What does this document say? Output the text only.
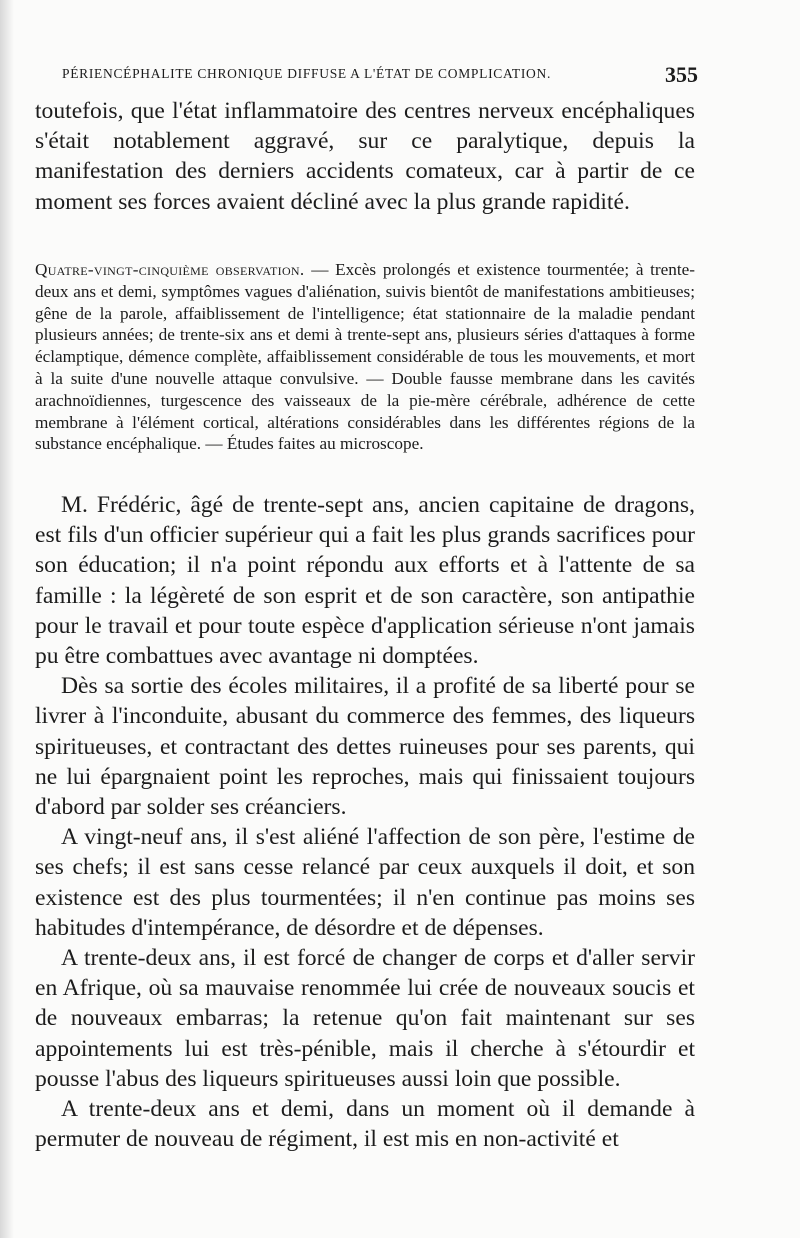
PÉRIENCÉPHALITE CHRONIQUE DIFFUSE A L'ÉTAT DE COMPLICATION.	355

toutefois, que l'état inflammatoire des centres nerveux encéphaliques s'était notablement aggravé, sur ce paralytique, depuis la manifestation des derniers accidents comateux, car à partir de ce moment ses forces avaient décliné avec la plus grande rapidité.

Quatre-vingt-cinquième observation. — Excès prolongés et existence tourmentée; à trente-deux ans et demi, symptômes vagues d'aliénation, suivis bientôt de manifestations ambitieuses; gêne de la parole, affaiblissement de l'intelligence; état stationnaire de la maladie pendant plusieurs années; de trente-six ans et demi à trente-sept ans, plusieurs séries d'attaques à forme éclamptique, démence complète, affaiblissement considérable de tous les mouvements, et mort à la suite d'une nouvelle attaque convulsive. — Double fausse membrane dans les cavités arachnoïdiennes, turgescence des vaisseaux de la pie-mère cérébrale, adhérence de cette membrane à l'élément cortical, altérations considérables dans les différentes régions de la substance encéphalique. — Études faites au microscope.

M. Frédéric, âgé de trente-sept ans, ancien capitaine de dragons, est fils d'un officier supérieur qui a fait les plus grands sacrifices pour son éducation; il n'a point répondu aux efforts et à l'attente de sa famille : la légèreté de son esprit et de son caractère, son antipathie pour le travail et pour toute espèce d'application sérieuse n'ont jamais pu être combattues avec avantage ni domptées.

Dès sa sortie des écoles militaires, il a profité de sa liberté pour se livrer à l'inconduite, abusant du commerce des femmes, des liqueurs spiritueuses, et contractant des dettes ruineuses pour ses parents, qui ne lui épargnaient point les reproches, mais qui finissaient toujours d'abord par solder ses créanciers.

A vingt-neuf ans, il s'est aliéné l'affection de son père, l'estime de ses chefs; il est sans cesse relancé par ceux auxquels il doit, et son existence est des plus tourmentées; il n'en continue pas moins ses habitudes d'intempérance, de désordre et de dépenses.

A trente-deux ans, il est forcé de changer de corps et d'aller servir en Afrique, où sa mauvaise renommée lui crée de nouveaux soucis et de nouveaux embarras; la retenue qu'on fait maintenant sur ses appointements lui est très-pénible, mais il cherche à s'étourdir et pousse l'abus des liqueurs spiritueuses aussi loin que possible.

A trente-deux ans et demi, dans un moment où il demande à permuter de nouveau de régiment, il est mis en non-activité et
